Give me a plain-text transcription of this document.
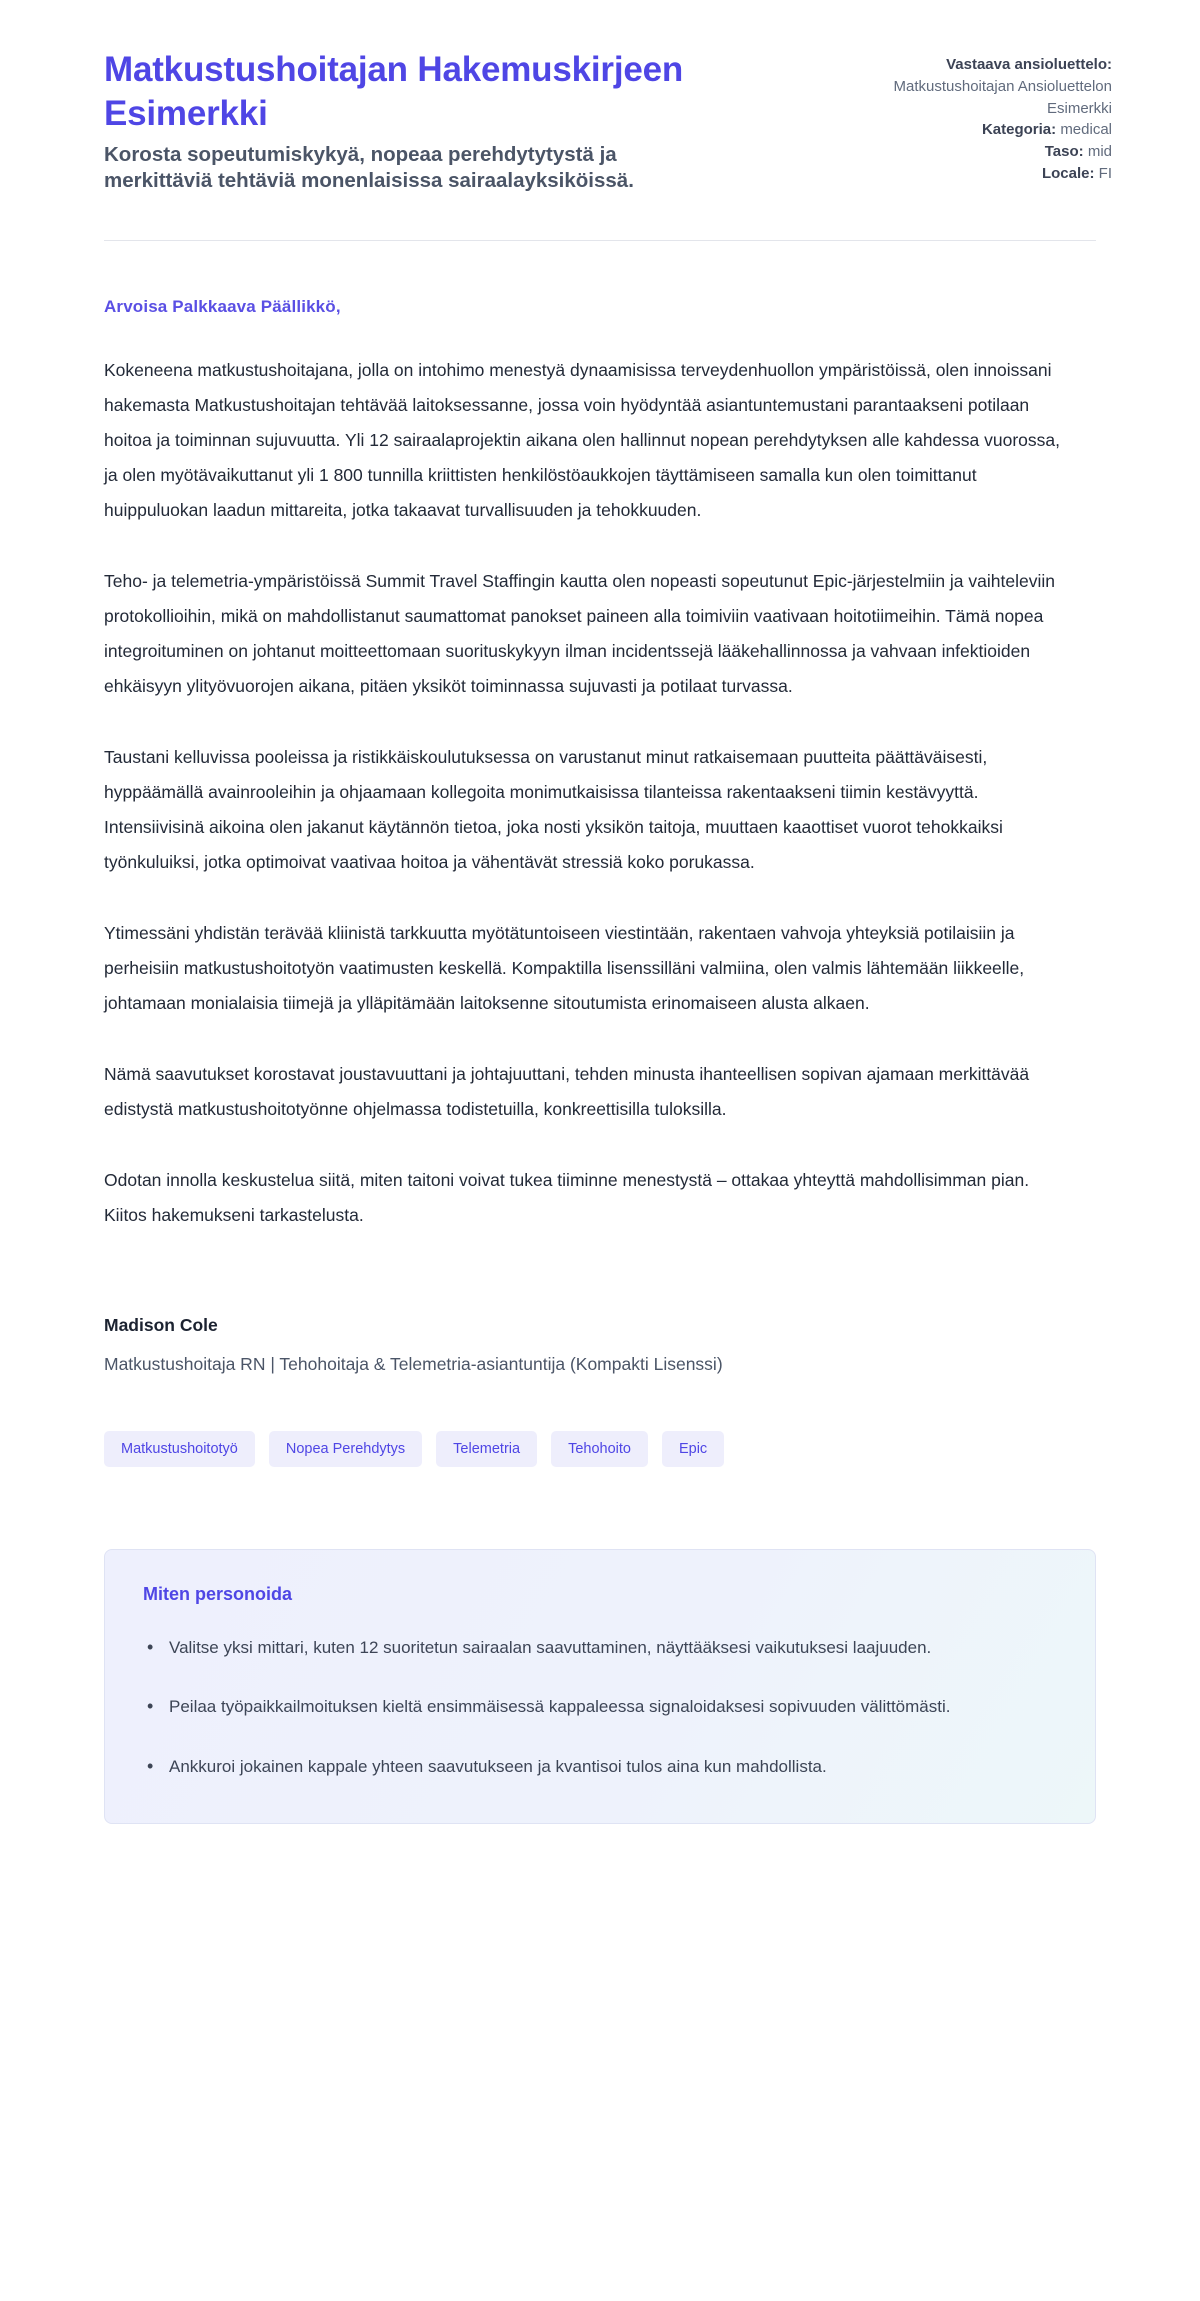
Matkustushoitajan Hakemuskirjeen Esimerkki
Korosta sopeutumiskykyä, nopeaa perehdytytystä ja merkittäviä tehtäviä monenlaisissa sairaalayksiköissä.
Vastaava ansioluettelo:
Matkustushoitajan Ansioluettelon Esimerkki
Kategoria: medical
Taso: mid
Locale: FI
Arvoisa Palkkaava Päällikkö,

Kokeneena matkustushoitajana, jolla on intohimo menestyä dynaamisissa terveydenhuollon ympäristöissä, olen innoissani hakemasta Matkustushoitajan tehtävää laitoksessanne, jossa voin hyödyntää asiantuntemustani parantaakseni potilaan hoitoa ja toiminnan sujuvuutta. Yli 12 sairaalaprojektin aikana olen hallinnut nopean perehdytyksen alle kahdessa vuorossa, ja olen myötävaikuttanut yli 1 800 tunnilla kriittisten henkilöstöaukkojen täyttämiseen samalla kun olen toimittanut huippuluokan laadun mittareita, jotka takaavat turvallisuuden ja tehokkuuden.

Teho- ja telemetria-ympäristöissä Summit Travel Staffingin kautta olen nopeasti sopeutunut Epic-järjestelmiin ja vaihteleviin protokollioihin, mikä on mahdollistanut saumattomat panokset paineen alla toimiviin vaativaan hoitotiimeihin. Tämä nopea integroituminen on johtanut moitteettomaan suorituskykyyn ilman incidentssejä lääkehallinnossa ja vahvaan infektioiden ehkäisyyn ylityövuorojen aikana, pitäen yksiköt toiminnassa sujuvasti ja potilaat turvassa.

Taustani kelluvissa pooleissa ja ristikkäiskoulutuksessa on varustanut minut ratkaisemaan puutteita päättäväisesti, hyppäämällä avainrooleihin ja ohjaamaan kollegoita monimutkaisissa tilanteissa rakentaakseni tiimin kestävyyttä. Intensiivisinä aikoina olen jakanut käytännön tietoa, joka nosti yksikön taitoja, muuttaen kaaottiset vuorot tehokkaiksi työnkuluiksi, jotka optimoivat vaativaa hoitoa ja vähentävät stressiä koko porukassa.

Ytimessäni yhdistän terävää kliinistä tarkkuutta myötätuntoiseen viestintään, rakentaen vahvoja yhteyksiä potilaisiin ja perheisiin matkustushoitotyön vaatimusten keskellä. Kompaktilla lisenssilläni valmiina, olen valmis lähtemään liikkeelle, johtamaan monialaisia tiimejä ja ylläpitämään laitoksenne sitoutumista erinomaiseen alusta alkaen.

Nämä saavutukset korostavat joustavuuttani ja johtajuuttani, tehden minusta ihanteellisen sopivan ajamaan merkittävää edistystä matkustushoitotyönne ohjelmassa todistetuilla, konkreettisilla tuloksilla.

Odotan innolla keskustelua siitä, miten taitoni voivat tukea tiiminne menestystä – ottakaa yhteyttä mahdollisimman pian. Kiitos hakemukseni tarkastelusta.

Madison Cole
Matkustushoitaja RN | Tehohoitaja & Telemetria-asiantuntija (Kompakti Lisenssi)
Matkustushoitotyö	Nopea Perehdytys	Telemetria	Tehohoito	Epic
Miten personoida
• Valitse yksi mittari, kuten 12 suoritetun sairaalan saavuttaminen, näyttääksesi vaikutuksesi laajuuden.
• Peilaa työpaikkailmoituksen kieltä ensimmäisessä kappaleessa signaloidaksesi sopivuuden välittömästi.
• Ankkuroi jokainen kappale yhteen saavutukseen ja kvantisoi tulos aina kun mahdollista.
